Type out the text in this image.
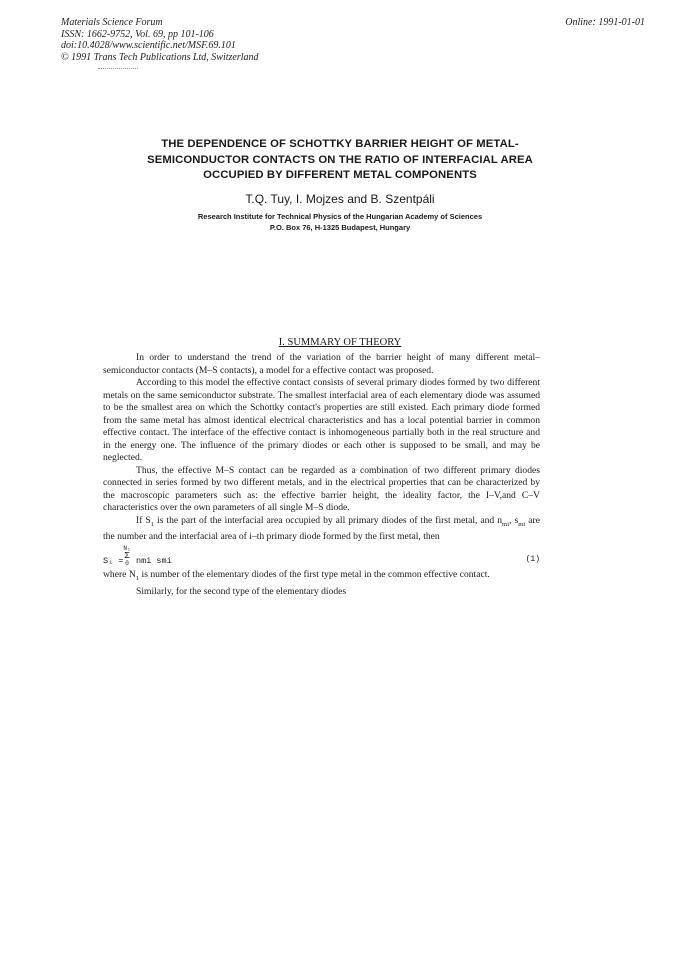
Materials Science Forum
ISSN: 1662-9752, Vol. 69, pp 101-106
doi:10.4028/www.scientific.net/MSF.69.101
© 1991 Trans Tech Publications Ltd, Switzerland
Online: 1991-01-01
THE DEPENDENCE OF SCHOTTKY BARRIER HEIGHT OF METAL-
SEMICONDUCTOR CONTACTS ON THE RATIO OF INTERFACIAL AREA
OCCUPIED BY DIFFERENT METAL COMPONENTS
T.Q. Tuy, I. Mojzes and B. Szentpáli
Research Institute for Technical Physics of the Hungarian Academy of Sciences
P.O. Box 76, H-1325 Budapest, Hungary
I. SUMMARY OF THEORY

In order to understand the trend of the variation of the barrier height of many different metal–semiconductor contacts (M–S contacts), a model for a effective contact was proposed.

According to this model the effective contact consists of several primary diodes formed by two different metals on the same semiconductor substrate. The smallest interfacial area of each elementary diode was assumed to be the smallest area on which the Schottky contact's properties are still existed. Each primary diode formed from the same metal has almost identical electrical characteristics and has a local potential barrier in common effective contact. The interface of the effective contact is inhomogeneous partially both in the real structure and in the energy one. The influence of the primary diodes or each other is supposed to be small, and may be neglected.

Thus, the effective M–S contact can be regarded as a combination of two different primary diodes connected in series formed by two different metals, and in the electrical properties that can be characterized by the macroscopic parameters such as: the effective barrier height, the ideality factor, the I–V,and C–V characteristics over the own parameters of all single M–S diode.

If $S_1$ is the part of the interfacial area occupied by all primary diodes of the first metal, and $n_{mi}$, $s_{mi}$ are the number and the interfacial area of i–th primary diode formed by the first metal, then

S₁ =
N₁
Σ
0 nmi smi	(1)

where $N_1$ is number of the elementary diodes of the first type metal in the common effective contact.

Similarly, for the second type of the elementary diodes
